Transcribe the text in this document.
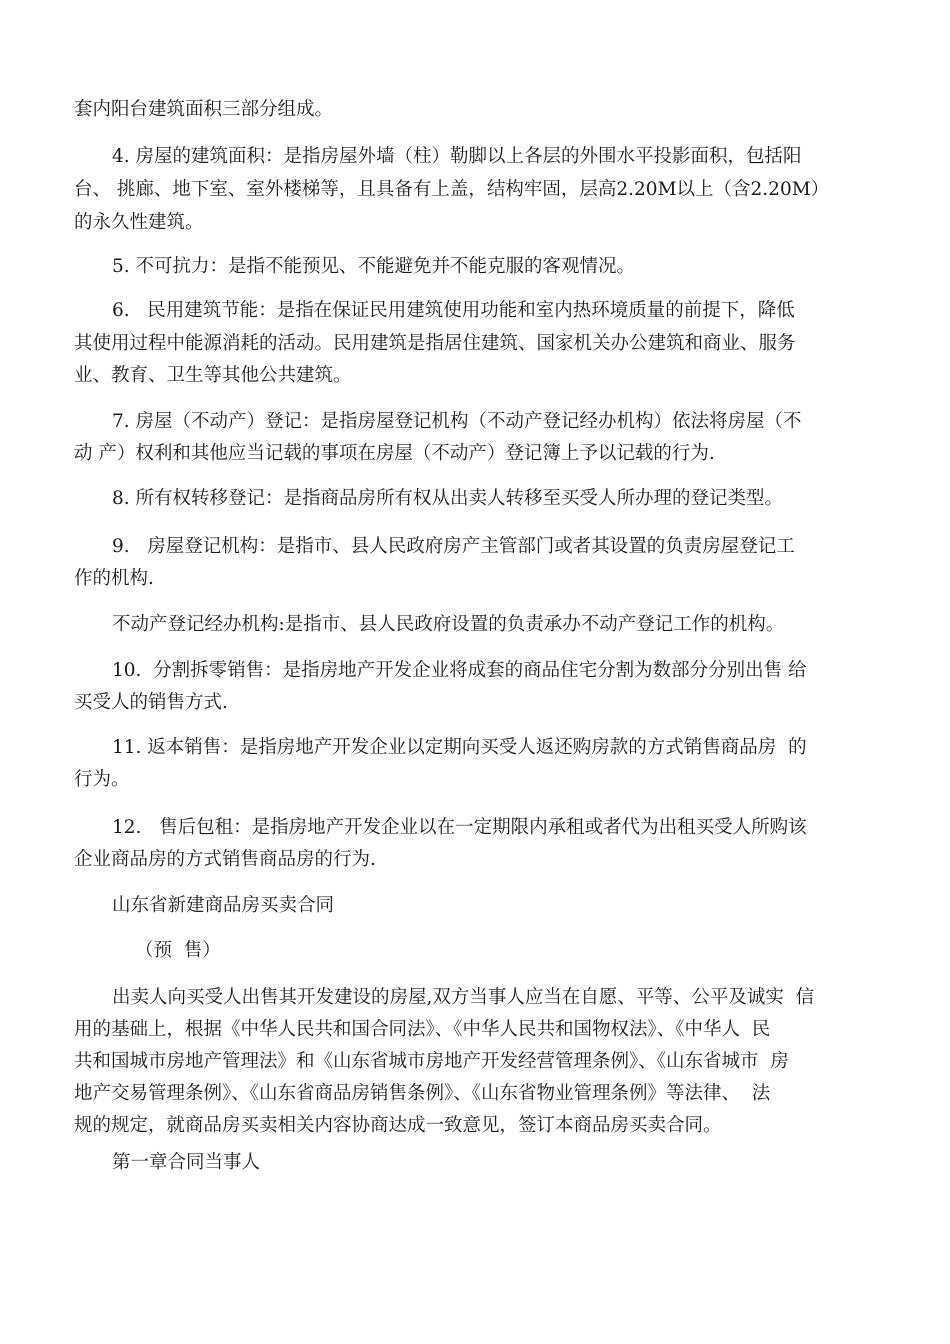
套内阳台建筑面积三部分组成。
4. 房屋的建筑面积：是指房屋外墙（柱）勒脚以上各层的外围水平投影面积，包括阳
台、 挑廊、地下室、室外楼梯等，且具备有上盖，结构牢固，层高2.20M以上（含2.20M）
的永久性建筑。
5. 不可抗力：是指不能预见、不能避免并不能克服的客观情况。
6.   民用建筑节能：是指在保证民用建筑使用功能和室内热环境质量的前提下，降低
其使用过程中能源消耗的活动。民用建筑是指居住建筑、国家机关办公建筑和商业、服务
业、教育、卫生等其他公共建筑。
7. 房屋（不动产）登记：是指房屋登记机构（不动产登记经办机构）依法将房屋（不
动 产）权利和其他应当记载的事项在房屋（不动产）登记簿上予以记载的行为.
8. 所有权转移登记：是指商品房所有权从出卖人转移至买受人所办理的登记类型。
9.   房屋登记机构：是指市、县人民政府房产主管部门或者其设置的负责房屋登记工
作的机构.
不动产登记经办机构:是指市、县人民政府设置的负责承办不动产登记工作的机构。
10.  分割拆零销售：是指房地产开发企业将成套的商品住宅分割为数部分分别出售 给
买受人的销售方式.
11. 返本销售：是指房地产开发企业以定期向买受人返还购房款的方式销售商品房  的
行为。
12.   售后包租：是指房地产开发企业以在一定期限内承租或者代为出租买受人所购该
企业商品房的方式销售商品房的行为.
山东省新建商品房买卖合同
（预  售）
出卖人向买受人出售其开发建设的房屋,双方当事人应当在自愿、平等、公平及诚实  信
用的基础上，根据《中华人民共和国合同法》、《中华人民共和国物权法》、《中华人  民
共和国城市房地产管理法》和《山东省城市房地产开发经营管理条例》、《山东省城市  房
地产交易管理条例》、《山东省商品房销售条例》、《山东省物业管理条例》等法律、  法
规的规定，就商品房买卖相关内容协商达成一致意见，签订本商品房买卖合同。
第一章合同当事人
